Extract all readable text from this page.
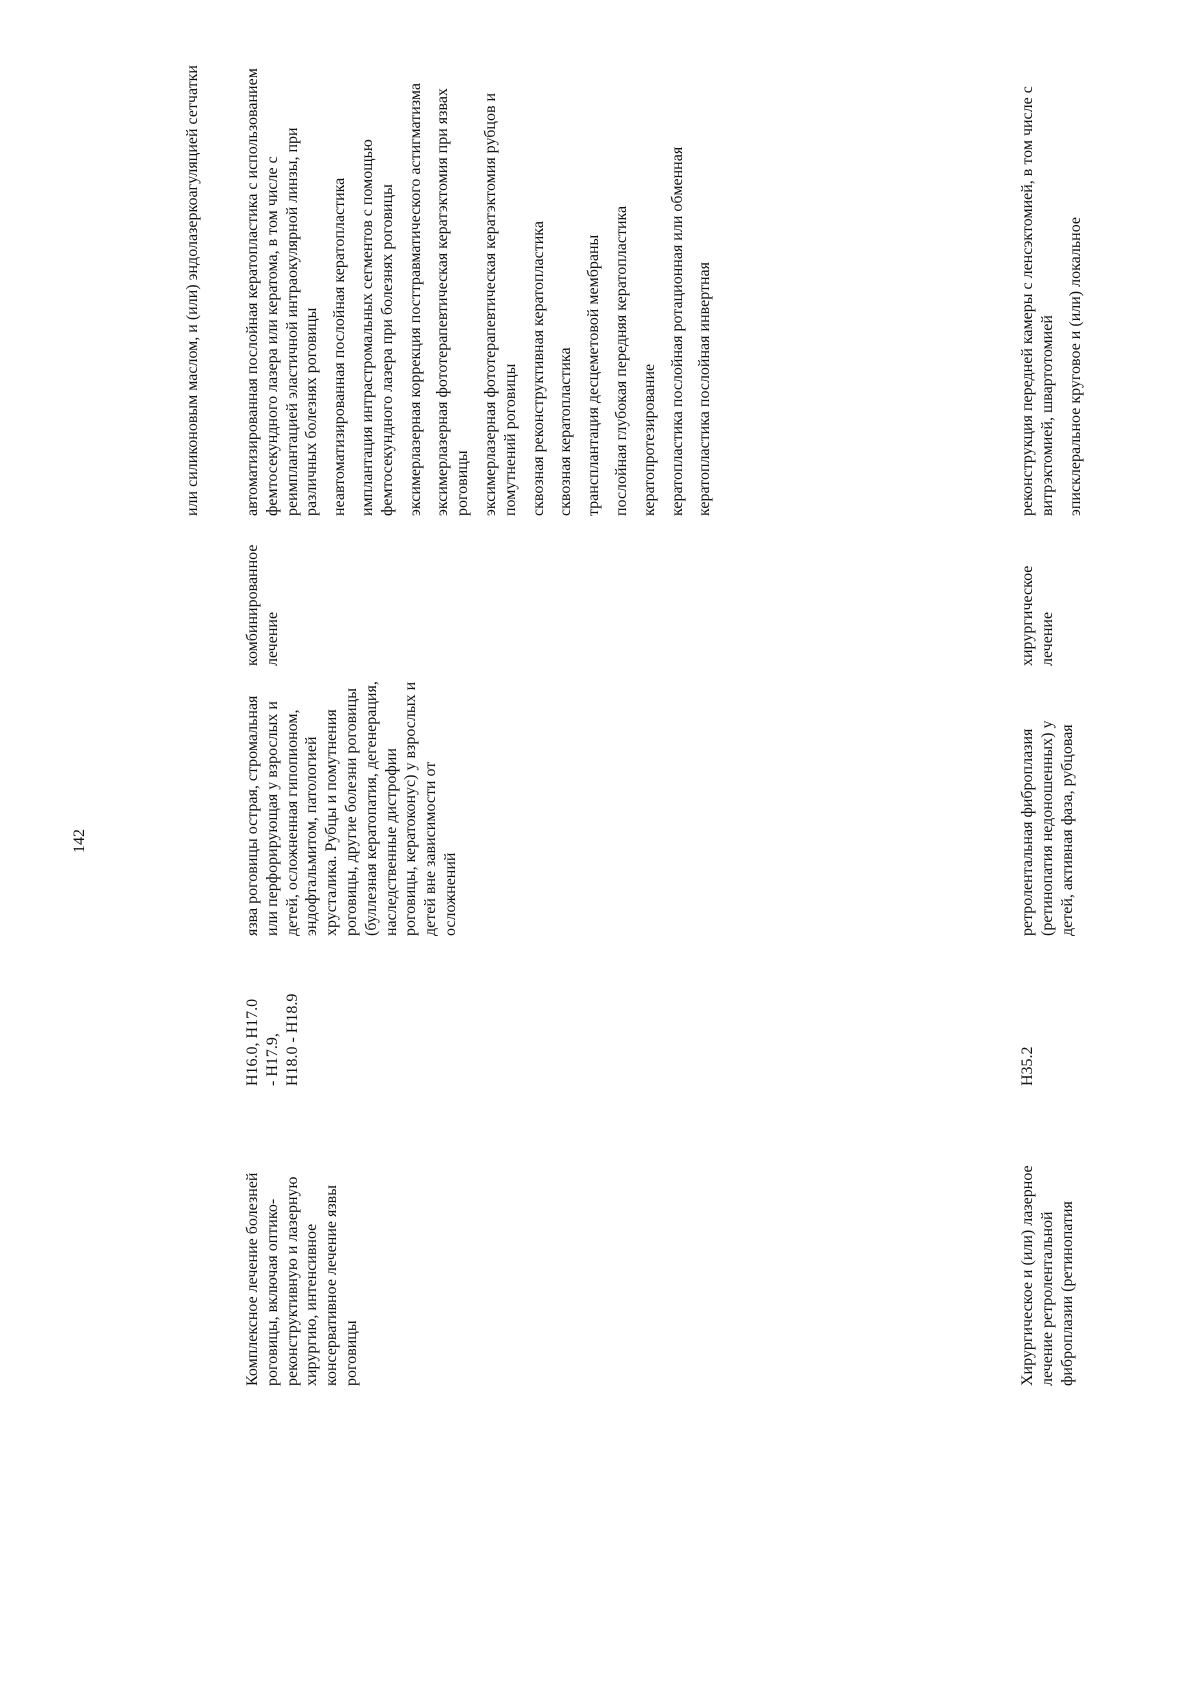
142

или силиконовым маслом, и (или) эндолазеркоагуляцией сетчатки

Комплексное лечение болезней роговицы, включая оптико-реконструктивную и лазерную хирургию, интенсивное консервативное лечение язвы роговицы
H16.0, H17.0 - H17.9, H18.0 - H18.9
язва роговицы острая, стромальная или перфорирующая у взрослых и детей, осложненная гипопионом, эндофтальмитом, патологией хрусталика. Рубцы и помутнения роговицы, другие болезни роговицы (буллезная кератопатия, дегенерация, наследственные дистрофии роговицы, кератоконус) у взрослых и детей вне зависимости от осложнений
комбинированное лечение

автоматизированная послойная кератопластика с использованием фемтосекундного лазера или кератома, в том числе с реимплантацией эластичной интраокулярной линзы, при различных болезнях роговицы неавтоматизированная послойная кератопластика имплантация интрастромальных сегментов с помощью фемтосекундного лазера при болезнях роговицы эксимерлазерная коррекция посттравматического астигматизма эксимерлазерная фототерапевтическая кератэктомия при язвах роговицы эксимерлазерная фототерапевтическая кератэктомия рубцов и помутнений роговицы сквозная реконструктивная кератопластика сквозная кератопластика трансплантация десцеметовой мембраны послойная глубокая передняя кератопластика кератопротезирование кератопластика послойная ротационная или обменная кератопластика послойная инвертная

Хирургическое и (или) лазерное лечение ретролентальной фиброплазии (ретинопатия
H35.2
ретролентальная фиброплазия (ретинопатия недоношенных) у детей, активная фаза, рубцовая
хирургическое лечение

реконструкция передней камеры с ленсэктомией, в том числе с витрэктомией, швартотомией эписклеральное круговое и (или) локальное
